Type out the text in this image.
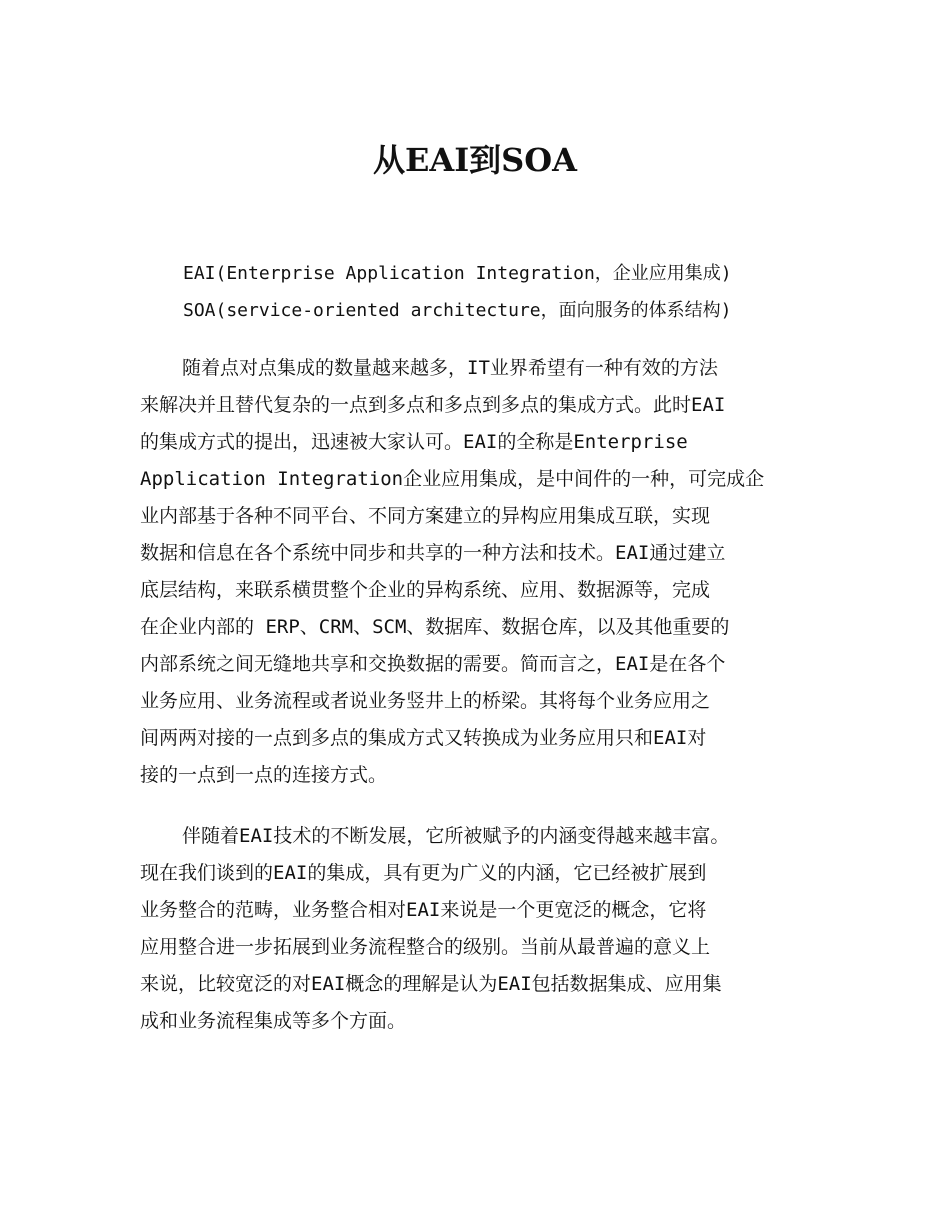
从EAI到SOA
EAI(Enterprise Application Integration，企业应用集成)
SOA(service-oriented architecture，面向服务的体系结构)
随着点对点集成的数量越来越多，IT业界希望有一种有效的方法
来解决并且替代复杂的一点到多点和多点到多点的集成方式。此时EAI
的集成方式的提出，迅速被大家认可。EAI的全称是Enterprise
Application Integration企业应用集成，是中间件的一种，可完成企
业内部基于各种不同平台、不同方案建立的异构应用集成互联，实现
数据和信息在各个系统中同步和共享的一种方法和技术。EAI通过建立
底层结构，来联系横贯整个企业的异构系统、应用、数据源等，完成
在企业内部的 ERP、CRM、SCM、数据库、数据仓库，以及其他重要的
内部系统之间无缝地共享和交换数据的需要。简而言之，EAI是在各个
业务应用、业务流程或者说业务竖井上的桥梁。其将每个业务应用之
间两两对接的一点到多点的集成方式又转换成为业务应用只和EAI对
接的一点到一点的连接方式。
伴随着EAI技术的不断发展，它所被赋予的内涵变得越来越丰富。
现在我们谈到的EAI的集成，具有更为广义的内涵，它已经被扩展到
业务整合的范畴，业务整合相对EAI来说是一个更宽泛的概念，它将
应用整合进一步拓展到业务流程整合的级别。当前从最普遍的意义上
来说，比较宽泛的对EAI概念的理解是认为EAI包括数据集成、应用集
成和业务流程集成等多个方面。
